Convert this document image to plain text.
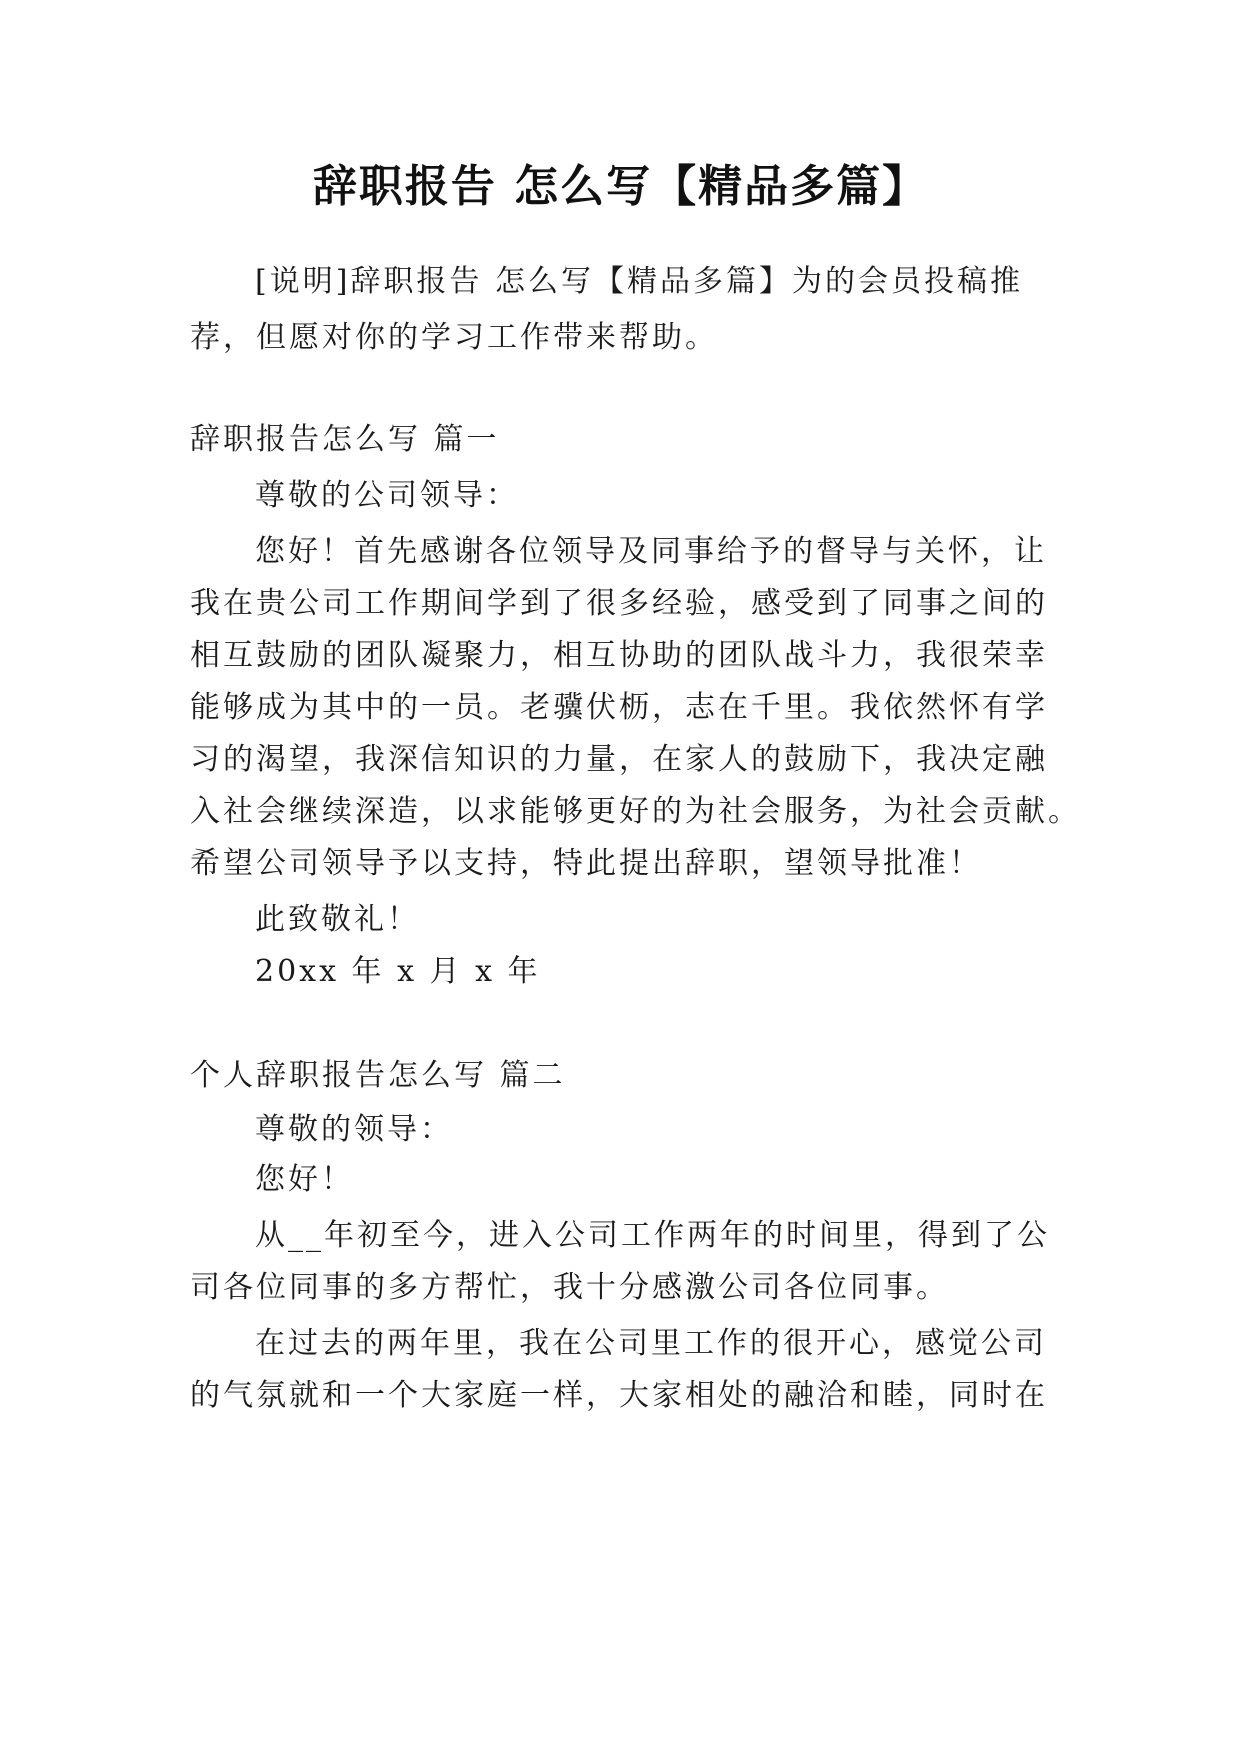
辞职报告 怎么写【精品多篇】
[说明]辞职报告 怎么写【精品多篇】为的会员投稿推
荐，但愿对你的学习工作带来帮助。
辞职报告怎么写 篇一
尊敬的公司领导：
您好！首先感谢各位领导及同事给予的督导与关怀，让
我在贵公司工作期间学到了很多经验，感受到了同事之间的
相互鼓励的团队凝聚力，相互协助的团队战斗力，我很荣幸
能够成为其中的一员。老骥伏枥，志在千里。我依然怀有学
习的渴望，我深信知识的力量，在家人的鼓励下，我决定融
入社会继续深造，以求能够更好的为社会服务，为社会贡献。
希望公司领导予以支持，特此提出辞职，望领导批准！
此致敬礼！
20xx 年 x 月 x 年
个人辞职报告怎么写 篇二
尊敬的领导：
您好！
从__年初至今，进入公司工作两年的时间里，得到了公
司各位同事的多方帮忙，我十分感激公司各位同事。
在过去的两年里，我在公司里工作的很开心，感觉公司
的气氛就和一个大家庭一样，大家相处的融洽和睦，同时在
